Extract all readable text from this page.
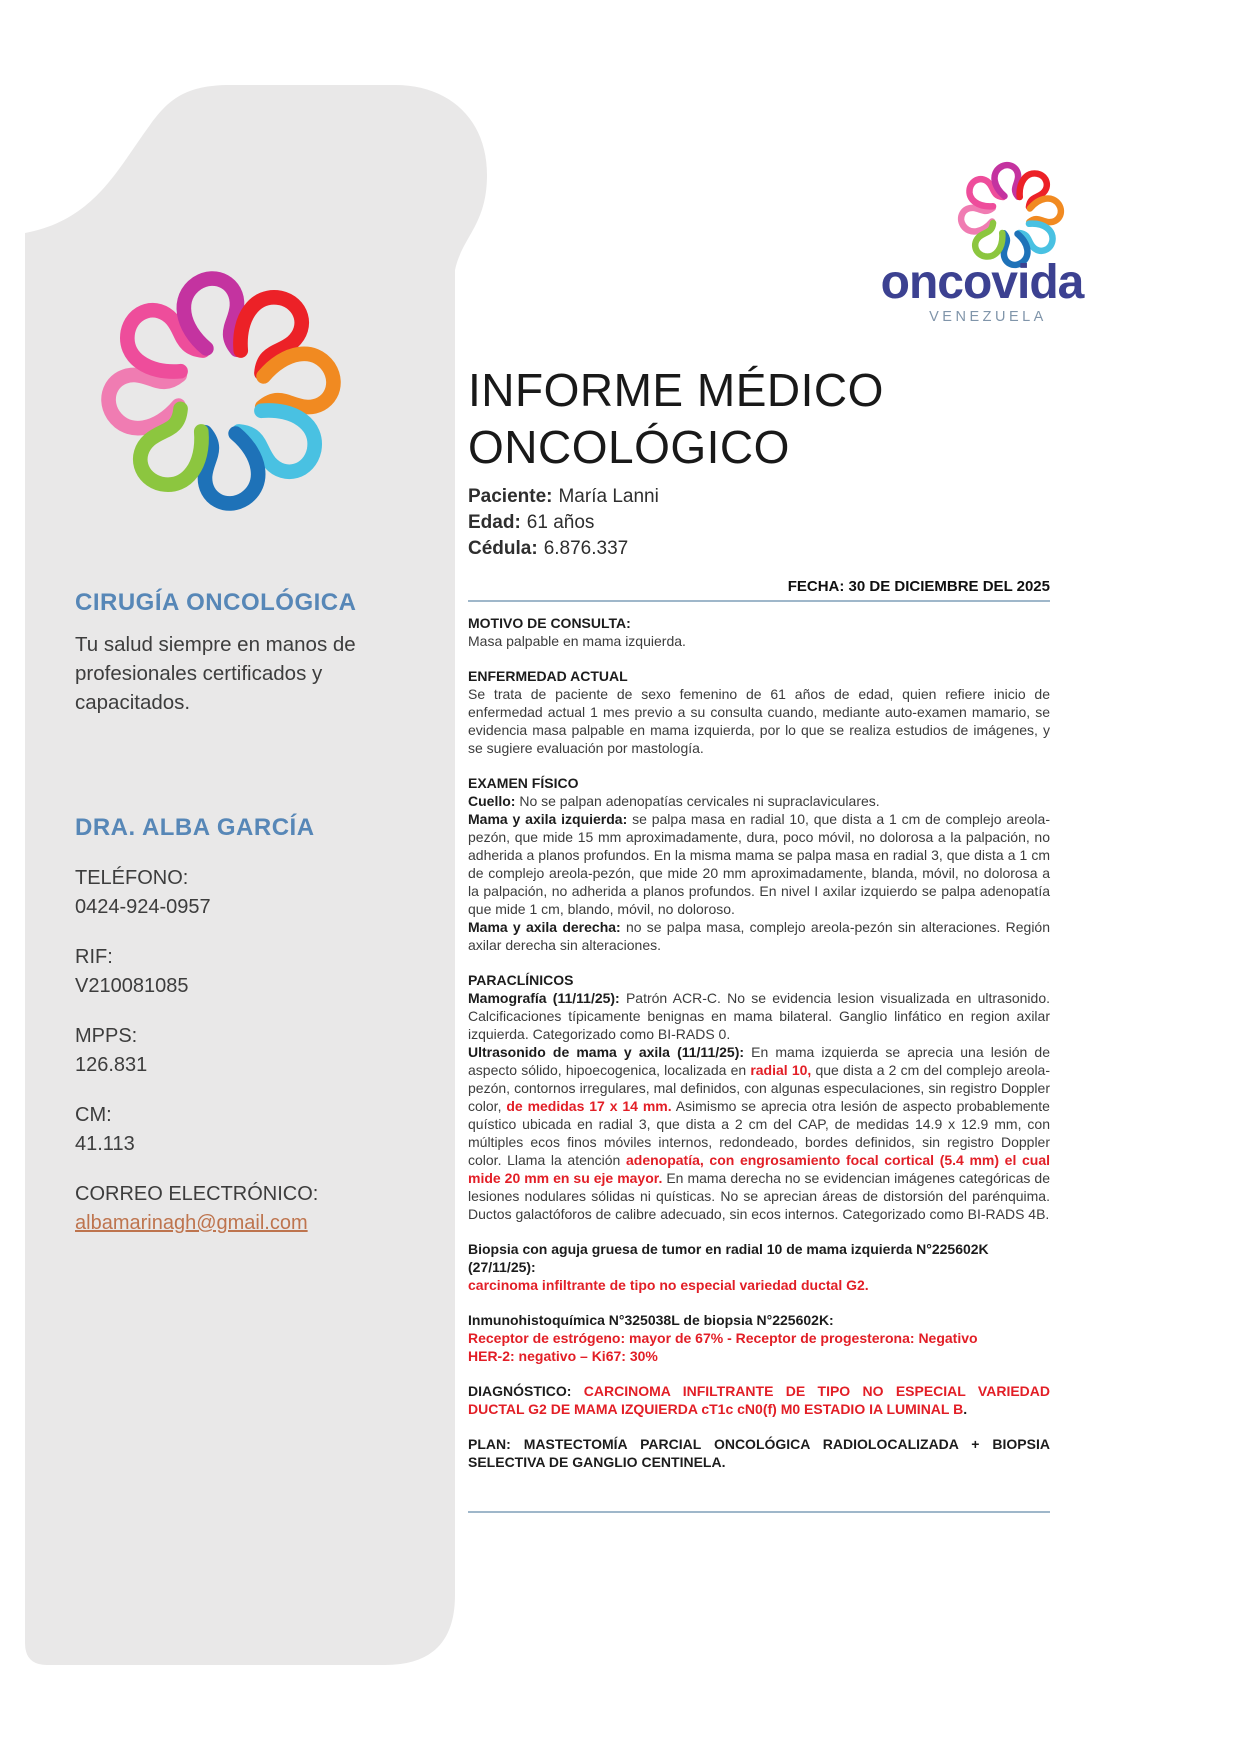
CIRUGÍA ONCOLÓGICA
Tu salud siempre en manos de profesionales certificados y capacitados.
DRA. ALBA GARCÍA
TELÉFONO:
0424-924-0957
RIF:
V210081085
MPPS:
126.831
CM:
41.113
CORREO ELECTRÓNICO:
albamarinagh@gmail.com
oncovida
VENEZUELA
INFORME MÉDICO
ONCOLÓGICO
Paciente: María Lanni
Edad: 61 años
Cédula: 6.876.337
FECHA: 30 DE DICIEMBRE DEL 2025
MOTIVO DE CONSULTA:

Masa palpable en mama izquierda.

ENFERMEDAD ACTUAL

Se trata de paciente de sexo femenino de 61 años de edad, quien refiere inicio de enfermedad actual 1 mes previo a su consulta cuando, mediante auto-examen mamario, se evidencia masa palpable en mama izquierda, por lo que se realiza estudios de imágenes, y se sugiere evaluación por mastología.

EXAMEN FÍSICO

Cuello: No se palpan adenopatías cervicales ni supraclaviculares.

Mama y axila izquierda: se palpa masa en radial 10, que dista a 1 cm de complejo areola-pezón, que mide 15 mm aproximadamente, dura, poco móvil, no dolorosa a la palpación, no adherida a planos profundos. En la misma mama se palpa masa en radial 3, que dista a 1 cm de complejo areola-pezón, que mide 20 mm aproximadamente, blanda, móvil, no dolorosa a la palpación, no adherida a planos profundos. En nivel I axilar izquierdo se palpa adenopatía que mide 1 cm, blando, móvil, no doloroso.

Mama y axila derecha: no se palpa masa, complejo areola-pezón sin alteraciones. Región axilar derecha sin alteraciones.

PARACLÍNICOS

Mamografía (11/11/25): Patrón ACR-C. No se evidencia lesion visualizada en ultrasonido. Calcificaciones típicamente benignas en mama bilateral. Ganglio linfático en region axilar izquierda. Categorizado como BI-RADS 0.

Ultrasonido de mama y axila (11/11/25): En mama izquierda se aprecia una lesión de aspecto sólido, hipoecogenica, localizada en radial 10, que dista a 2 cm del complejo areola-pezón, contornos irregulares, mal definidos, con algunas especulaciones, sin registro Doppler color, de medidas 17 x 14 mm. Asimismo se aprecia otra lesión de aspecto probablemente quístico ubicada en radial 3, que dista a 2 cm del CAP, de medidas 14.9 x 12.9 mm, con múltiples ecos finos móviles internos, redondeado, bordes definidos, sin registro Doppler color. Llama la atención adenopatía, con engrosamiento focal cortical (5.4 mm) el cual mide 20 mm en su eje mayor. En mama derecha no se evidencian imágenes categóricas de lesiones nodulares sólidas ni quísticas. No se aprecian áreas de distorsión del parénquima. Ductos galactóforos de calibre adecuado, sin ecos internos. Categorizado como BI-RADS 4B.

Biopsia con aguja gruesa de tumor en radial 10 de mama izquierda N°225602K (27/11/25):

carcinoma infiltrante de tipo no especial variedad ductal G2.

Inmunohistoquímica N°325038L de biopsia N°225602K:

Receptor de estrógeno: mayor de 67% - Receptor de progesterona: Negativo

HER-2: negativo – Ki67: 30%

DIAGNÓSTICO: CARCINOMA INFILTRANTE DE TIPO NO ESPECIAL VARIEDAD DUCTAL G2 DE MAMA IZQUIERDA cT1c cN0(f) M0 ESTADIO IA LUMINAL B.

PLAN: MASTECTOMÍA PARCIAL ONCOLÓGICA RADIOLOCALIZADA + BIOPSIA SELECTIVA DE GANGLIO CENTINELA.
